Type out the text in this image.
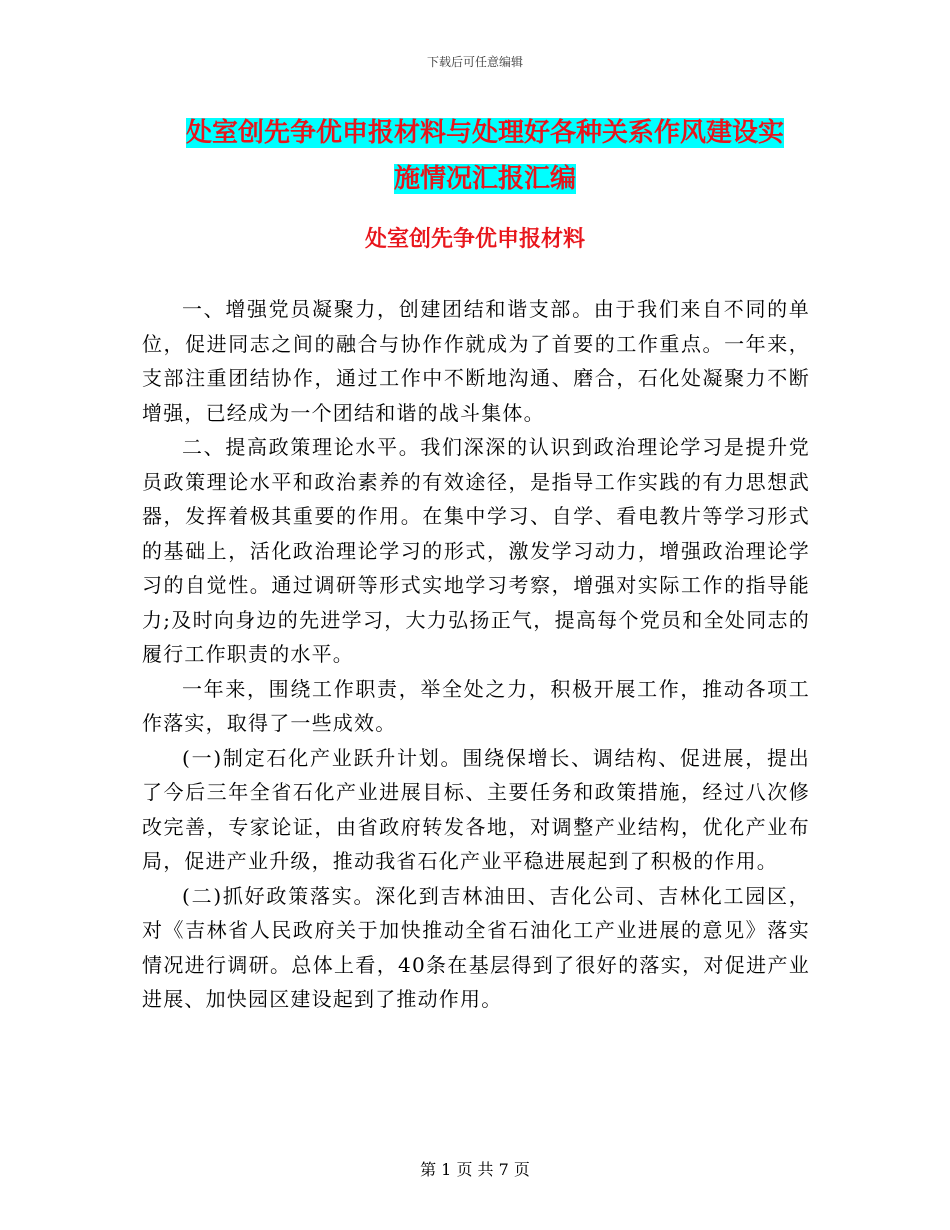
下载后可任意编辑
处室创先争优申报材料与处理好各种关系作风建设实
施情况汇报汇编
处室创先争优申报材料

一、增强党员凝聚力，创建团结和谐支部。由于我们来自不同的单位，促进同志之间的融合与协作作就成为了首要的工作重点。一年来，支部注重团结协作，通过工作中不断地沟通、磨合，石化处凝聚力不断增强，已经成为一个团结和谐的战斗集体。

二、提高政策理论水平。我们深深的认识到政治理论学习是提升党员政策理论水平和政治素养的有效途径，是指导工作实践的有力思想武器，发挥着极其重要的作用。在集中学习、自学、看电教片等学习形式的基础上，活化政治理论学习的形式，激发学习动力，增强政治理论学习的自觉性。通过调研等形式实地学习考察，增强对实际工作的指导能力;及时向身边的先进学习，大力弘扬正气，提高每个党员和全处同志的履行工作职责的水平。

一年来，围绕工作职责，举全处之力，积极开展工作，推动各项工作落实，取得了一些成效。

(一)制定石化产业跃升计划。围绕保增长、调结构、促进展，提出了今后三年全省石化产业进展目标、主要任务和政策措施，经过八次修改完善，专家论证，由省政府转发各地，对调整产业结构，优化产业布局，促进产业升级，推动我省石化产业平稳进展起到了积极的作用。

(二)抓好政策落实。深化到吉林油田、吉化公司、吉林化工园区，对《吉林省人民政府关于加快推动全省石油化工产业进展的意见》落实情况进行调研。总体上看，40条在基层得到了很好的落实，对促进产业进展、加快园区建设起到了推动作用。

第 1 页 共 7 页
